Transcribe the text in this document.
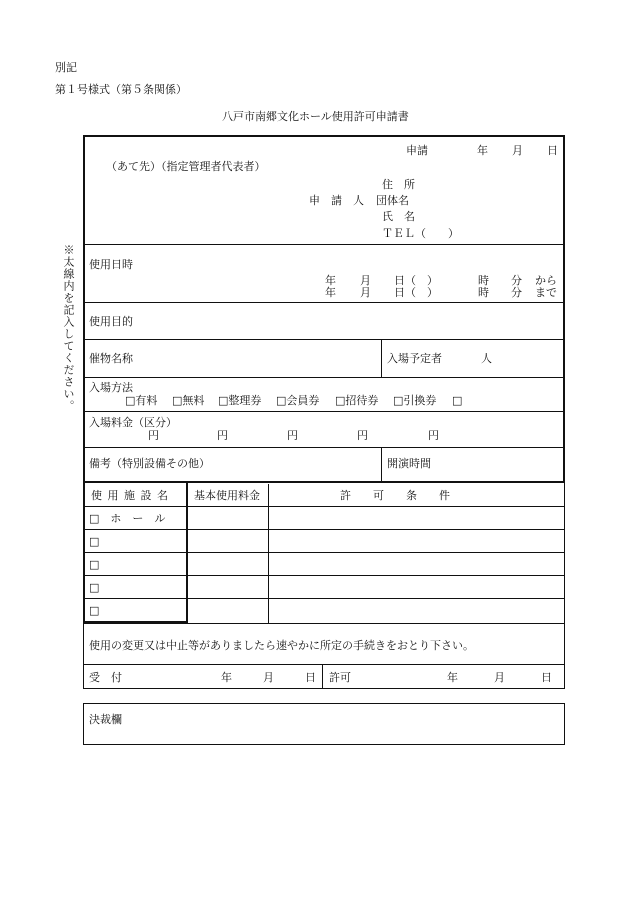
別記
第１号様式（第５条関係）
八戸市南郷文化ホール使用許可申請書
※太線内を記入してください。
申請	年 月 日
（あて先）（指定管理者代表者）
住　所
申　請　人 団体名
氏　名
ＴＥＬ（　　）
使用日時
年 月 日（　）	時 分 から
年 月 日（　）	時 分 まで
使用目的
催物名称	入場予定者	人
入場方法
□有料 □無料 □整理券 □会員券 □招待券 □引換券 □
入場料金（区分）
円	円	円	円	円
備考（特別設備その他）	開演時間
使 用 施 設 名 基本使用料金	許　　可　　条　　件
□　ホ　ー　ル
□
□
□
□
使用の変更又は中止等がありましたら速やかに所定の手続きをおとり下さい。
受　付	年	月	日 許可	年	月	日
決裁欄
